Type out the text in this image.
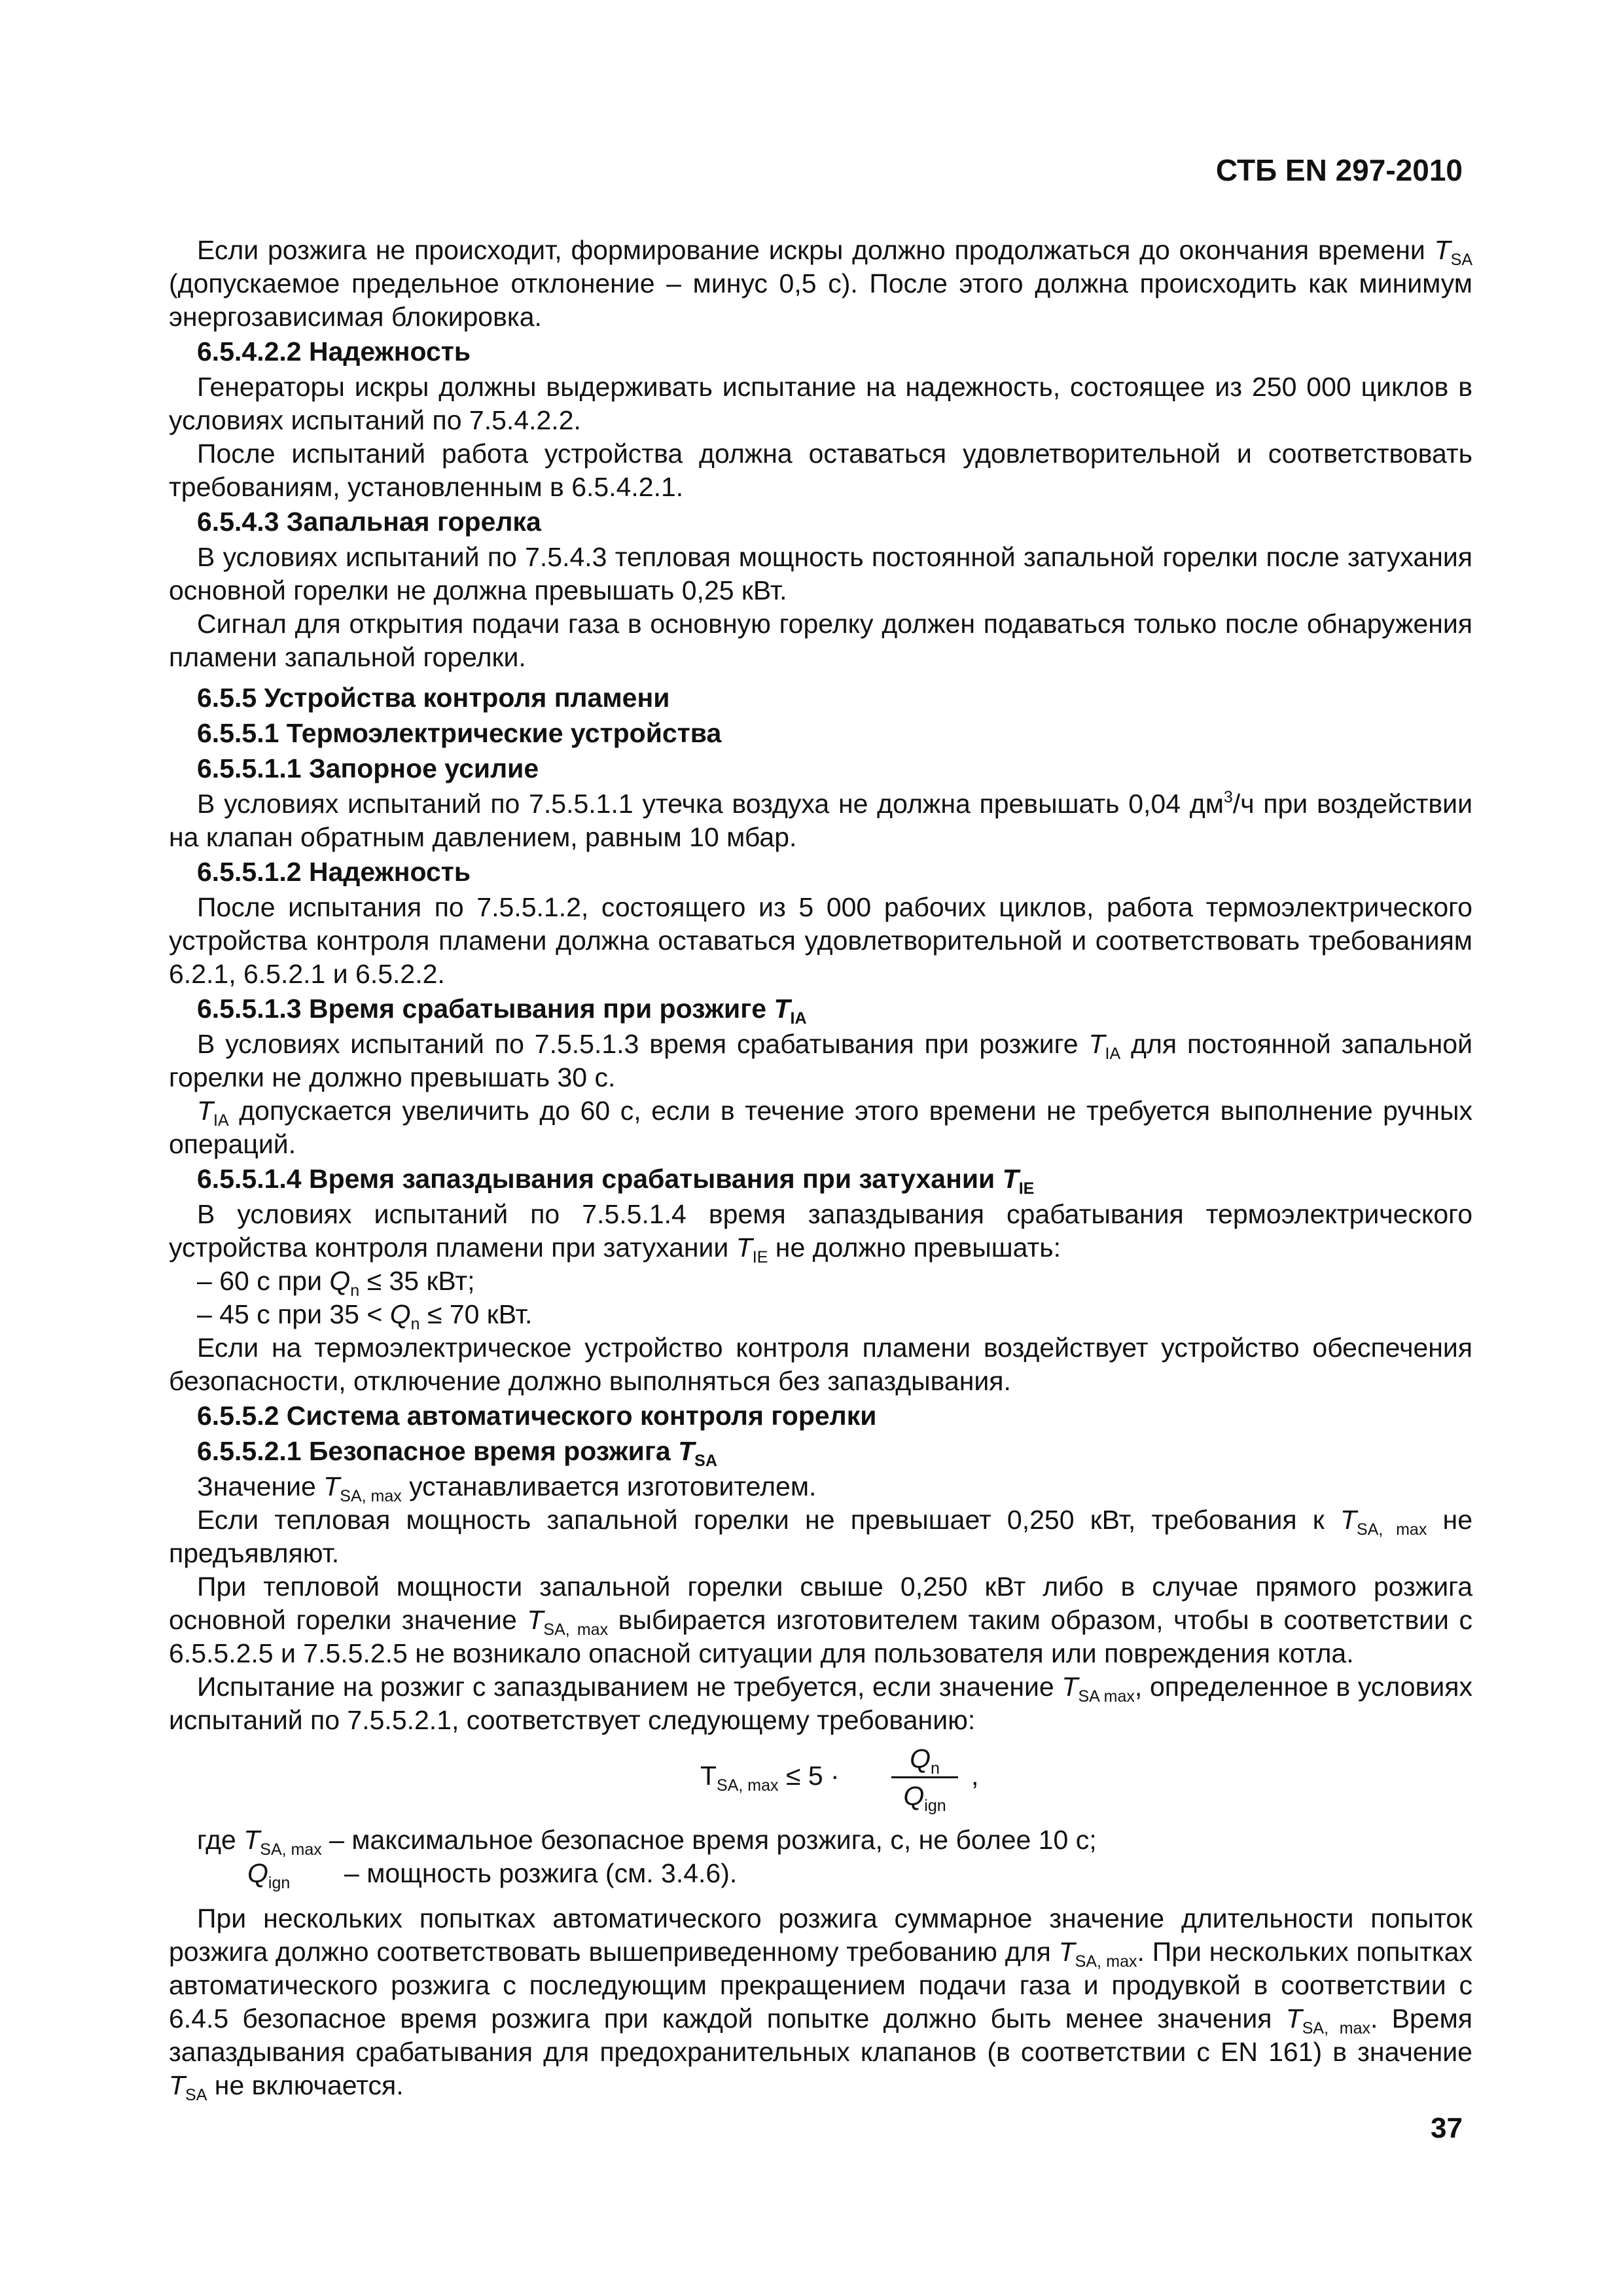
СТБ EN 297-2010

Если розжига не происходит, формирование искры должно продолжаться до окончания времени $T_{SA}$ (допускаемое предельное отклонение – минус 0,5 с). После этого должна происходить как минимум энергозависимая блокировка.

6.5.4.2.2 Надежность

Генераторы искры должны выдерживать испытание на надежность, состоящее из 250 000 циклов в условиях испытаний по 7.5.4.2.2.

После испытаний работа устройства должна оставаться удовлетворительной и соответствовать требованиям, установленным в 6.5.4.2.1.

6.5.4.3 Запальная горелка

В условиях испытаний по 7.5.4.3 тепловая мощность постоянной запальной горелки после затухания основной горелки не должна превышать 0,25 кВт.

Сигнал для открытия подачи газа в основную горелку должен подаваться только после обнаружения пламени запальной горелки.

6.5.5 Устройства контроля пламени
6.5.5.1 Термоэлектрические устройства
6.5.5.1.1 Запорное усилие

В условиях испытаний по 7.5.5.1.1 утечка воздуха не должна превышать 0,04 $дм^3/ч$ при воздействии на клапан обратным давлением, равным 10 мбар.

6.5.5.1.2 Надежность

После испытания по 7.5.5.1.2, состоящего из 5 000 рабочих циклов, работа термоэлектрического устройства контроля пламени должна оставаться удовлетворительной и соответствовать требованиям 6.2.1, 6.5.2.1 и 6.5.2.2.

6.5.5.1.3 Время срабатывания при розжиге $T_{IA}$

В условиях испытаний по 7.5.5.1.3 время срабатывания при розжиге $T_{IA}$ для постоянной запальной горелки не должно превышать 30 с.

$T_{IA}$ допускается увеличить до 60 с, если в течение этого времени не требуется выполнение ручных операций.

6.5.5.1.4 Время запаздывания срабатывания при затухании $T_{IE}$

В условиях испытаний по 7.5.5.1.4 время запаздывания срабатывания термоэлектрического устройства контроля пламени при затухании $T_{IE}$ не должно превышать:

– 60 с при $Q_n \le 35$ кВт;
– 45 с при $35 < Q_n \le 70$ кВт.

Если на термоэлектрическое устройство контроля пламени воздействует устройство обеспечения безопасности, отключение должно выполняться без запаздывания.

6.5.5.2 Система автоматического контроля горелки
6.5.5.2.1 Безопасное время розжига $T_{SA}$

Значение $T_{SA, max}$ устанавливается изготовителем.

Если тепловая мощность запальной горелки не превышает 0,250 кВт, требования к $T_{SA, max}$ не предъявляют.

При тепловой мощности запальной горелки свыше 0,250 кВт либо в случае прямого розжига основной горелки значение $T_{SA, max}$ выбирается изготовителем таким образом, чтобы в соответствии с 6.5.5.2.5 и 7.5.5.2.5 не возникало опасной ситуации для пользователя или повреждения котла.

Испытание на розжиг с запаздыванием не требуется, если значение $T_{SA max}$, определенное в условиях испытаний по 7.5.5.2.1, соответствует следующему требованию:

$T_{SA, max} \le 5$ ·
$Q_n$
$Q_{ign}$
,
где $T_{SA, max}$ – максимальное безопасное время розжига, с, не более 10 с;
$Q_{ign}$ – мощность розжига (см. 3.4.6).

При нескольких попытках автоматического розжига суммарное значение длительности попыток розжига должно соответствовать вышеприведенному требованию для $T_{SA, max}$. При нескольких попытках автоматического розжига с последующим прекращением подачи газа и продувкой в соответствии с 6.4.5 безопасное время розжига при каждой попытке должно быть менее значения $T_{SA, max}$. Время запаздывания срабатывания для предохранительных клапанов (в соответствии с EN 161) в значение $T_{SA}$ не включается.

37
